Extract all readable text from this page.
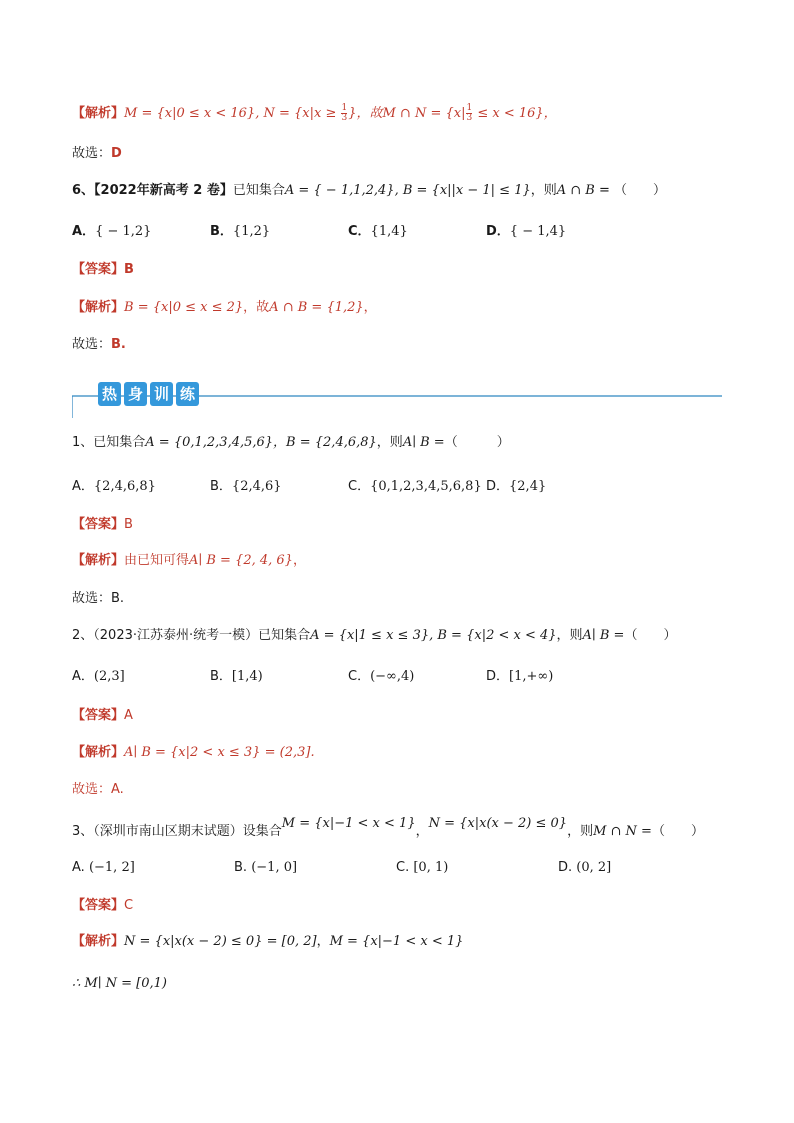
【解析】M = {x|0 ≤ x < 16}, $N = \{x|x \ge \frac{1}{3}$ }，故M ∩ $N = \{x| \frac{1}{3} \le x < 16\}$，
故选：D
6、【2022年新高考 2 卷】已知集合A = { − 1,1,2,4}, B = {x||x − 1| ≤ 1}，则A ∩ B = （　　）
A．{ − 1,2}	B．{1,2}	C．{1,4}	D．{ − 1,4}
【答案】B
【解析】B = {x|0 ≤ x ≤ 2}，故A ∩ B = {1,2}，
故选：B.
热 身 训 练
1、已知集合A = {0,1,2,3,4,5,6}，B = {2,4,6,8}，则A∣ B =（　　　）
A．{2,4,6,8}	B．{2,4,6}	C．{0,1,2,3,4,5,6,8} D．{2,4}
【答案】B
【解析】由已知可得A∣ B = {2, 4, 6}，
故选：B.
2、（2023·江苏泰州·统考一模）已知集合A = {x|1 ≤ x ≤ 3}, B = {x|2 < x < 4}，则A∣ B =（　　）
A．(2,3]	B．[1,4)	C．(−∞,4)	D．[1,+∞)
【答案】A
【解析】A∣ B = {x|2 < x ≤ 3} = (2,3].
故选：A.
3、（深圳市南山区期末试题）设集合M = {x|−1 < x < 1}，N = {x|x(x − 2) ≤ 0}，则M ∩ N =（　　）
A. (−1, 2]	B. (−1, 0]	C. [0, 1)	D. (0, 2]
【答案】C
【解析】N = {x|x(x − 2) ≤ 0} = [0, 2]，M = {x|−1 < x < 1}
∴ M∣ N = [0,1)
